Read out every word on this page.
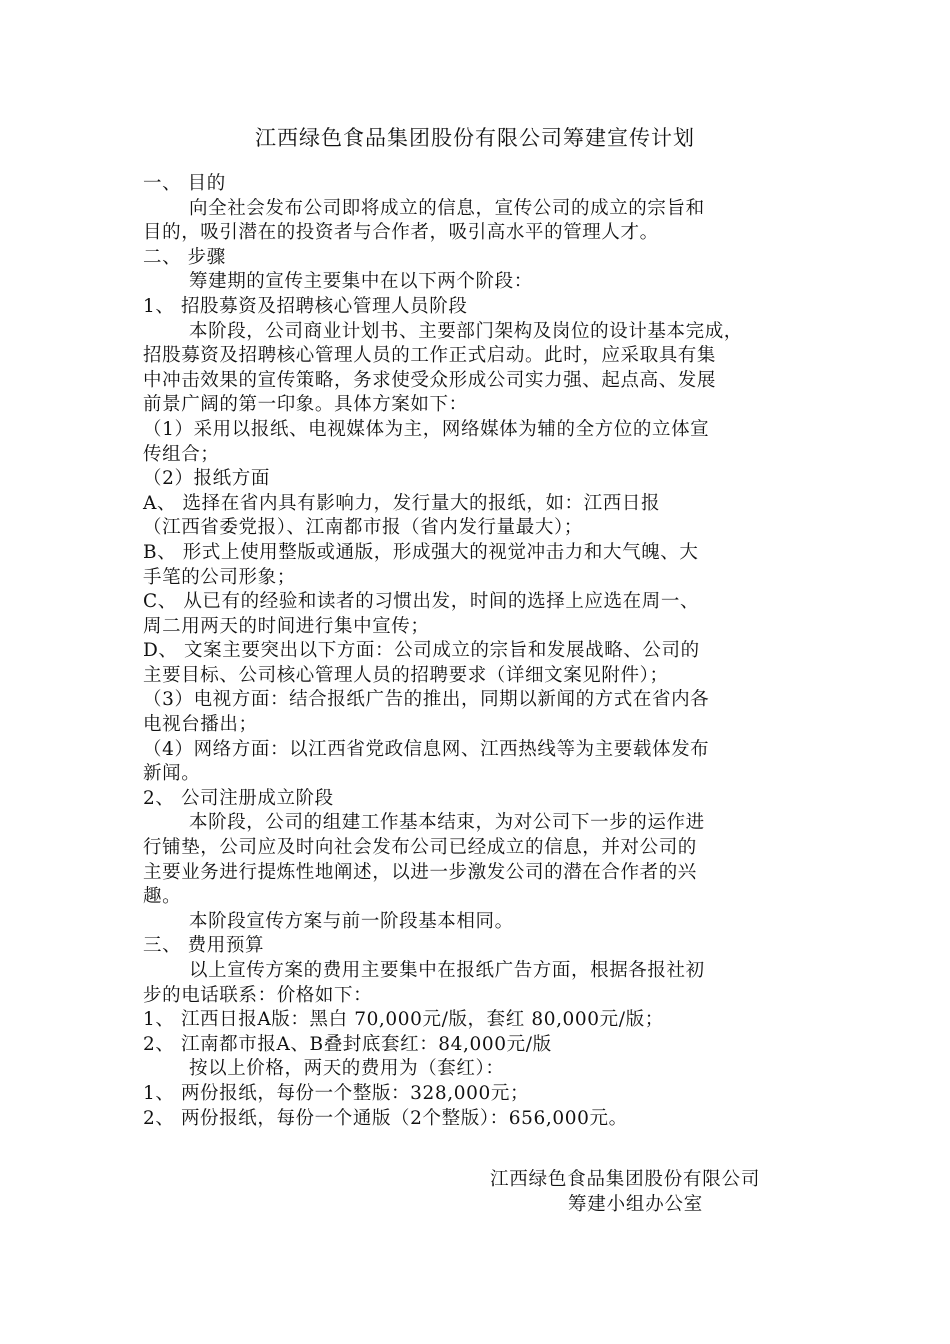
江西绿色食品集团股份有限公司筹建宣传计划
一、 目的
向全社会发布公司即将成立的信息，宣传公司的成立的宗旨和
目的，吸引潜在的投资者与合作者，吸引高水平的管理人才。
二、 步骤
筹建期的宣传主要集中在以下两个阶段：
1、 招股募资及招聘核心管理人员阶段
本阶段，公司商业计划书、主要部门架构及岗位的设计基本完成，
招股募资及招聘核心管理人员的工作正式启动。此时，应采取具有集
中冲击效果的宣传策略，务求使受众形成公司实力强、起点高、发展
前景广阔的第一印象。具体方案如下：
（1）采用以报纸、电视媒体为主，网络媒体为辅的全方位的立体宣
传组合；
（2）报纸方面
A、 选择在省内具有影响力，发行量大的报纸，如：江西日报
（江西省委党报）、江南都市报（省内发行量最大）；
B、 形式上使用整版或通版，形成强大的视觉冲击力和大气魄、大
手笔的公司形象；
C、 从已有的经验和读者的习惯出发，时间的选择上应选在周一、
周二用两天的时间进行集中宣传；
D、 文案主要突出以下方面：公司成立的宗旨和发展战略、公司的
主要目标、公司核心管理人员的招聘要求（详细文案见附件）；
（3）电视方面：结合报纸广告的推出，同期以新闻的方式在省内各
电视台播出；
（4）网络方面：以江西省党政信息网、江西热线等为主要载体发布
新闻。
2、 公司注册成立阶段
本阶段，公司的组建工作基本结束，为对公司下一步的运作进
行铺垫，公司应及时向社会发布公司已经成立的信息，并对公司的
主要业务进行提炼性地阐述，以进一步激发公司的潜在合作者的兴
趣。
本阶段宣传方案与前一阶段基本相同。
三、 费用预算
以上宣传方案的费用主要集中在报纸广告方面，根据各报社初
步的电话联系：价格如下：
1、 江西日报A版：黑白 70,000元/版，套红 80,000元/版；
2、 江南都市报A、B叠封底套红：84,000元/版
按以上价格，两天的费用为（套红）：
1、 两份报纸，每份一个整版：328,000元；
2、 两份报纸，每份一个通版（2个整版）：656,000元。
江西绿色食品集团股份有限公司
筹建小组办公室
